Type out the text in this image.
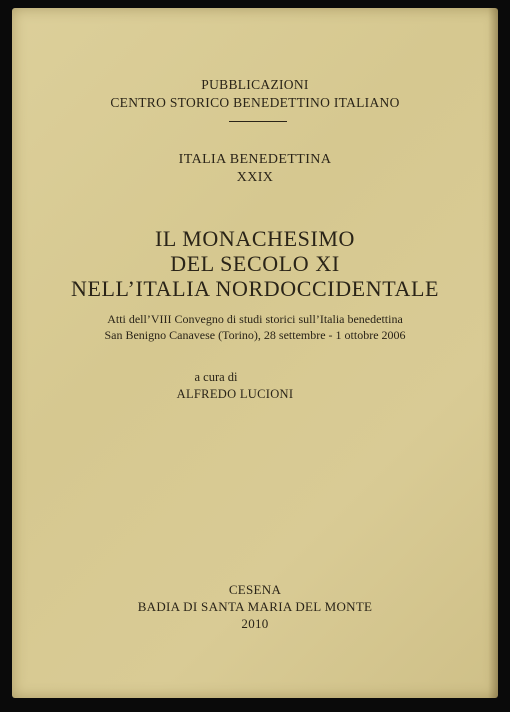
PUBBLICAZIONI
CENTRO STORICO BENEDETTINO ITALIANO
ITALIA BENEDETTINA
XXIX
IL MONACHESIMO
DEL SECOLO XI
NELL’ITALIA NORDOCCIDENTALE
Atti dell’VIII Convegno di studi storici sull’Italia benedettina
San Benigno Canavese (Torino), 28 settembre - 1 ottobre 2006
a cura di
ALFREDO LUCIONI
CESENA
BADIA DI SANTA MARIA DEL MONTE
2010
